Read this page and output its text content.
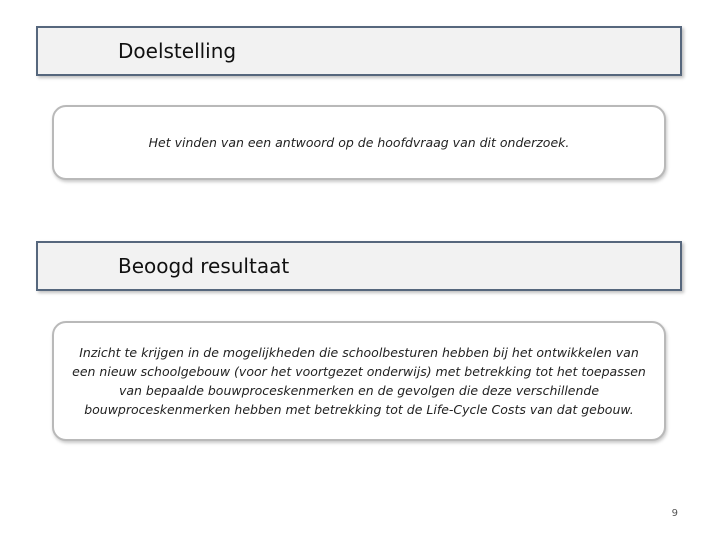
Doelstelling
Het vinden van een antwoord op de hoofdvraag van dit onderzoek.
Beoogd resultaat
Inzicht te krijgen in de mogelijkheden die schoolbesturen hebben bij het ontwikkelen van een nieuw schoolgebouw (voor het voortgezet onderwijs) met betrekking tot het toepassen van bepaalde bouwproceskenmerken en de gevolgen die deze verschillende bouwproceskenmerken hebben met betrekking tot de Life-Cycle Costs van dat gebouw.
9
